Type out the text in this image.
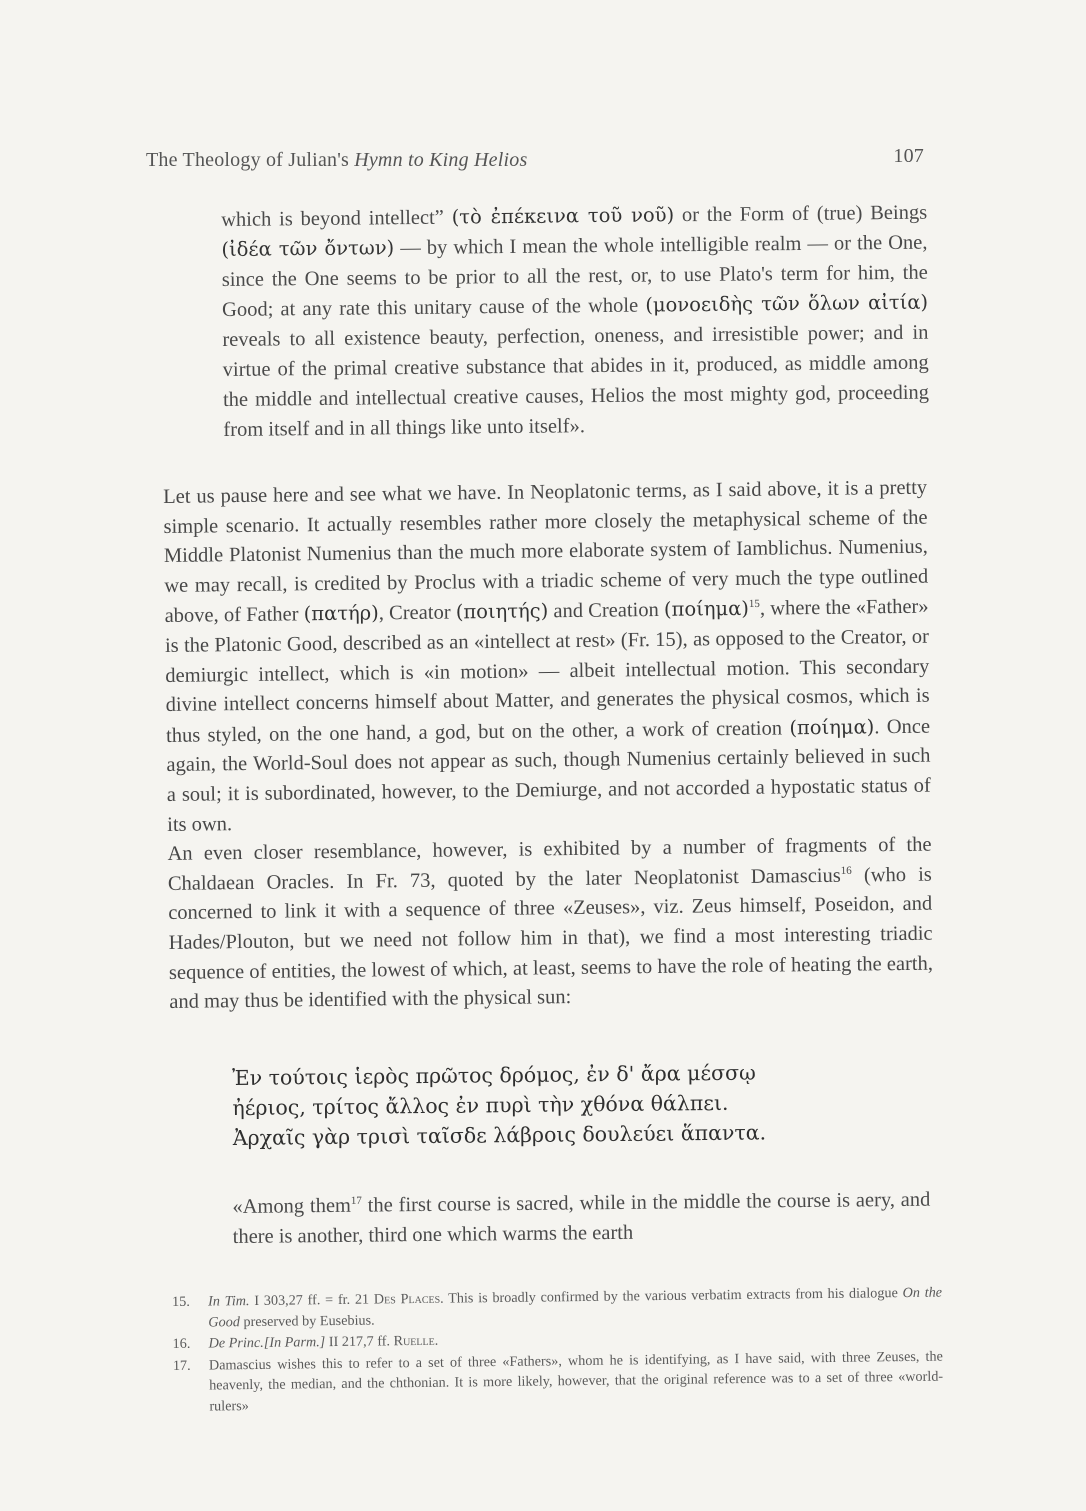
The Theology of Julian's Hymn to King Helios	107

which is beyond intellect” (τὸ ἐπέκεινα τοῦ νοῦ) or the Form of (true) Beings (ἰδέα τῶν ὄντων) — by which I mean the whole intelligible realm — or the One, since the One seems to be prior to all the rest, or, to use Plato's term for him, the Good; at any rate this unitary cause of the whole (μονοειδὴς τῶν ὅλων αἰτία) reveals to all existence beauty, perfection, oneness, and irresistible power; and in virtue of the primal creative substance that abides in it, produced, as middle among the middle and intellectual creative causes, Helios the most mighty god, proceeding from itself and in all things like unto itself».

Let us pause here and see what we have. In Neoplatonic terms, as I said above, it is a pretty simple scenario. It actually resembles rather more closely the metaphysical scheme of the Middle Platonist Numenius than the much more elaborate system of Iamblichus. Numenius, we may recall, is credited by Proclus with a triadic scheme of very much the type outlined above, of Father (πατήρ), Creator (ποιητής) and Creation $(\pi oί\eta\mu\alpha)^{15}$, where the «Father» is the Platonic Good, described as an «intellect at rest» (Fr. 15), as opposed to the Creator, or demiurgic intellect, which is «in motion» — albeit intellectual motion. This secondary divine intellect concerns himself about Matter, and generates the physical cosmos, which is thus styled, on the one hand, a god, but on the other, a work of creation (ποίημα). Once again, the World-Soul does not appear as such, though Numenius certainly believed in such a soul; it is subordinated, however, to the Demiurge, and not accorded a hypostatic status of its own.

An even closer resemblance, however, is exhibited by a number of fragments of the Chaldaean Oracles. In Fr. 73, quoted by the later Neoplatonist Damascius$^{16}$ (who is concerned to link it with a sequence of three «Zeuses», viz. Zeus himself, Poseidon, and Hades/Plouton, but we need not follow him in that), we find a most interesting triadic sequence of entities, the lowest of which, at least, seems to have the role of heating the earth, and may thus be identified with the physical sun:

Ἐν τούτοις ἱερὸς πρῶτος δρόμος, ἐν δ' ἄρα μέσσῳ
ἠέριος, τρίτος ἄλλος ἐν πυρὶ τὴν χθόνα θάλπει.
Ἀρχαῖς γὰρ τρισὶ ταῖσδε λάβροις δουλεύει ἅπαντα.

«Among them$^{17}$ the first course is sacred, while in the middle the course is aery, and there is another, third one which warms the earth

15. In Tim. I 303,27 ff. = fr. 21 Des Places. This is broadly confirmed by the various verbatim extracts from his dialogue On the Good preserved by Eusebius.
16. De Princ.[In Parm.] II 217,7 ff. Ruelle.
17. Damascius wishes this to refer to a set of three «Fathers», whom he is identifying, as I have said, with three Zeuses, the heavenly, the median, and the chthonian. It is more likely, however, that the original reference was to a set of three «world-rulers»
